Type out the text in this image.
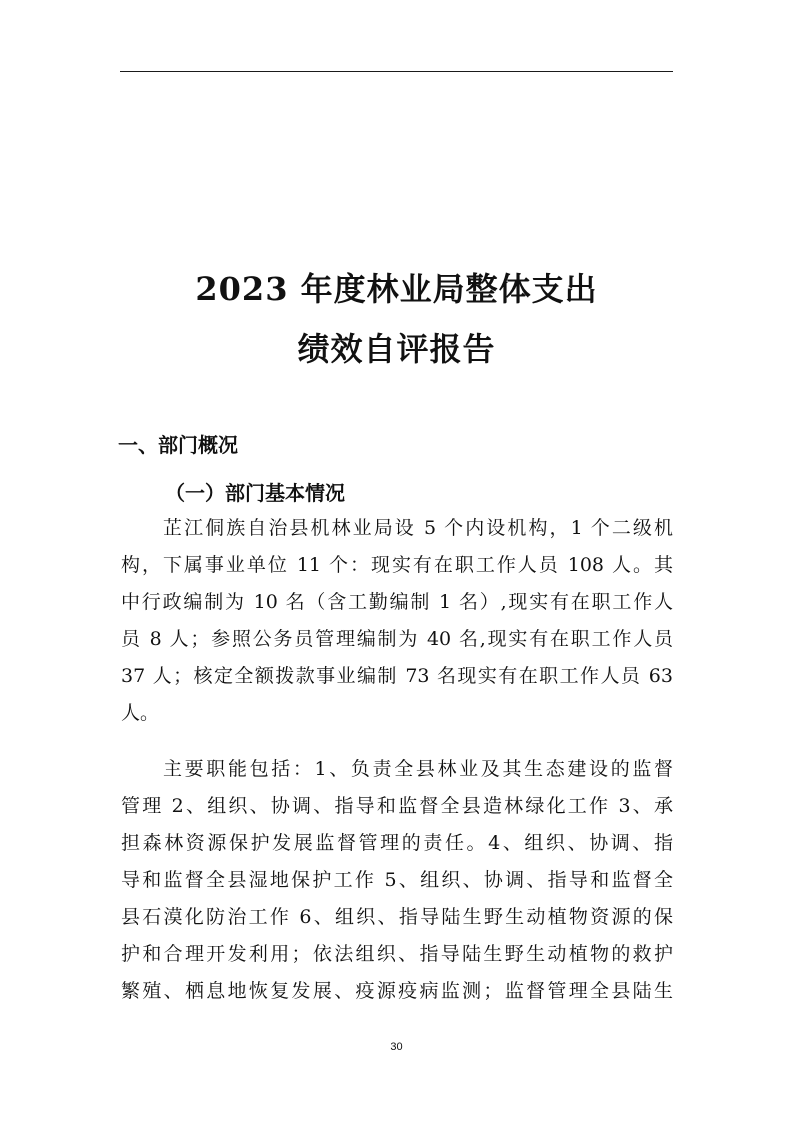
2023 年度林业局整体支出
绩效自评报告
一、部门概况
（一）部门基本情况
芷江侗族自治县机林业局设 5 个内设机构，1 个二级机
构，下属事业单位 11 个：现实有在职工作人员 108 人。其
中行政编制为 10 名（含工勤编制 1 名）,现实有在职工作人
员 8 人；参照公务员管理编制为 40 名,现实有在职工作人员
37 人；核定全额拨款事业编制 73 名现实有在职工作人员 63
人。
主要职能包括：1、负责全县林业及其生态建设的监督
管理 2、组织、协调、指导和监督全县造林绿化工作 3、承
担森林资源保护发展监督管理的责任。4、组织、协调、指
导和监督全县湿地保护工作 5、组织、协调、指导和监督全
县石漠化防治工作 6、组织、指导陆生野生动植物资源的保
护和合理开发利用；依法组织、指导陆生野生动植物的救护
繁殖、栖息地恢复发展、疫源疫病监测；监督管理全县陆生

30
